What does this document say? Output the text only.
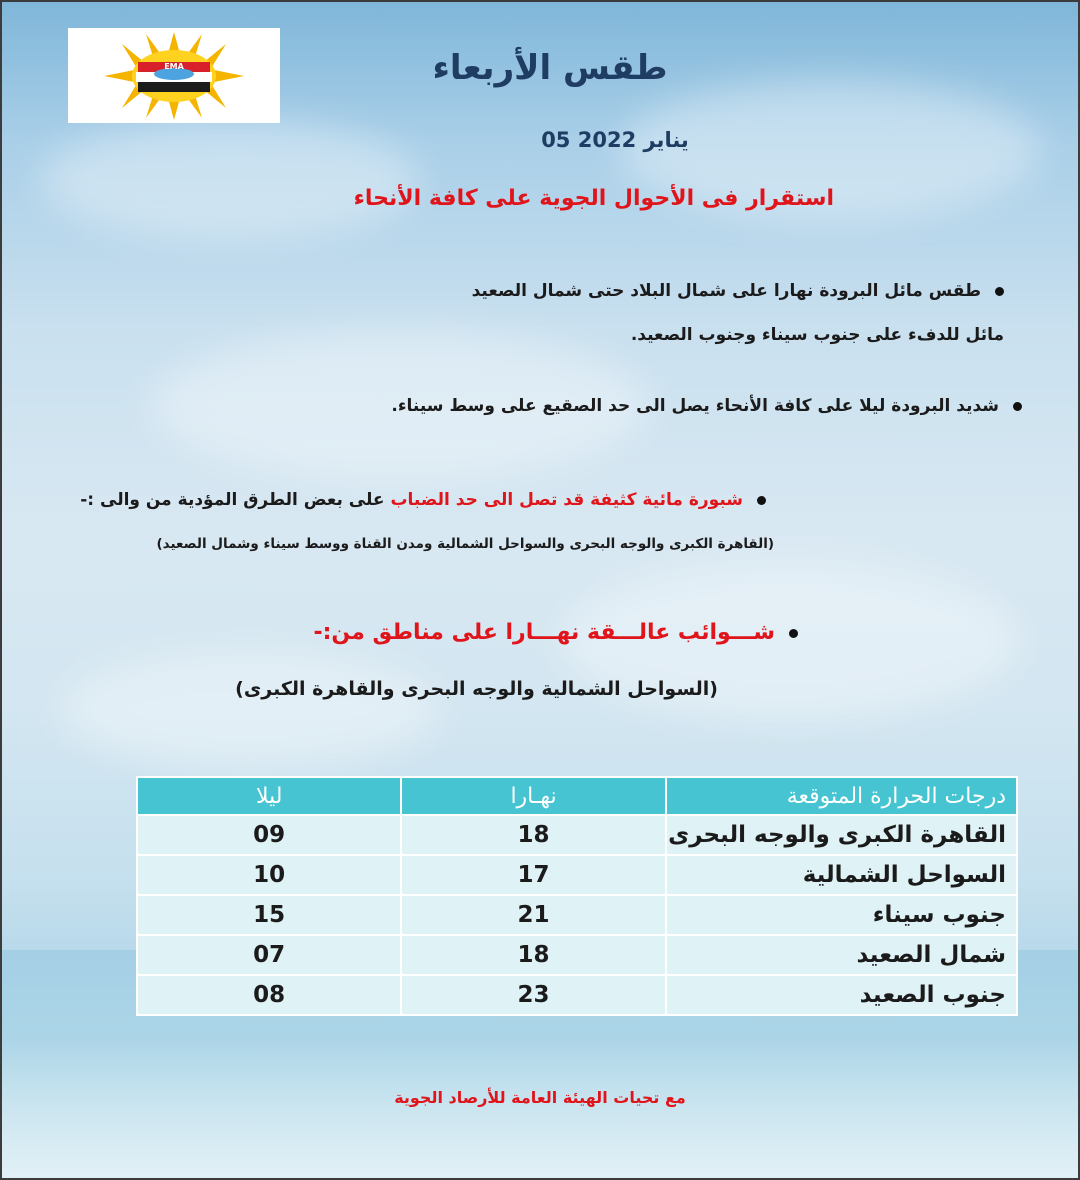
EMA	طقس الأربعاء
05 يناير 2022
استقرار فى الأحوال الجوية على كافة الأنحاء
طقس مائل البرودة نهارا على شمال البلاد حتى شمال الصعيد
مائل للدفء على جنوب سيناء وجنوب الصعيد.
شديد البرودة ليلا على كافة الأنحاء يصل الى حد الصقيع على وسط سيناء.
شبورة مائية كثيفة قد تصل الى حد الضباب على بعض الطرق المؤدية من والى :-
(القاهرة الكبرى والوجه البحرى والسواحل الشمالية ومدن القناة ووسط سيناء وشمال الصعيد)
شـــوائب عالـــقة نهـــارا على مناطق من:-
(السواحل الشمالية والوجه البحرى والقاهرة الكبرى)
درجات الحرارة المتوقعة	نهـارا	ليلا
القاهرة الكبرى والوجه البحرى	18	09
السواحل الشمالية	17	10
جنوب سيناء	21	15
شمال الصعيد	18	07
جنوب الصعيد	23	08
مع تحيات الهيئة العامة للأرصاد الجوية
